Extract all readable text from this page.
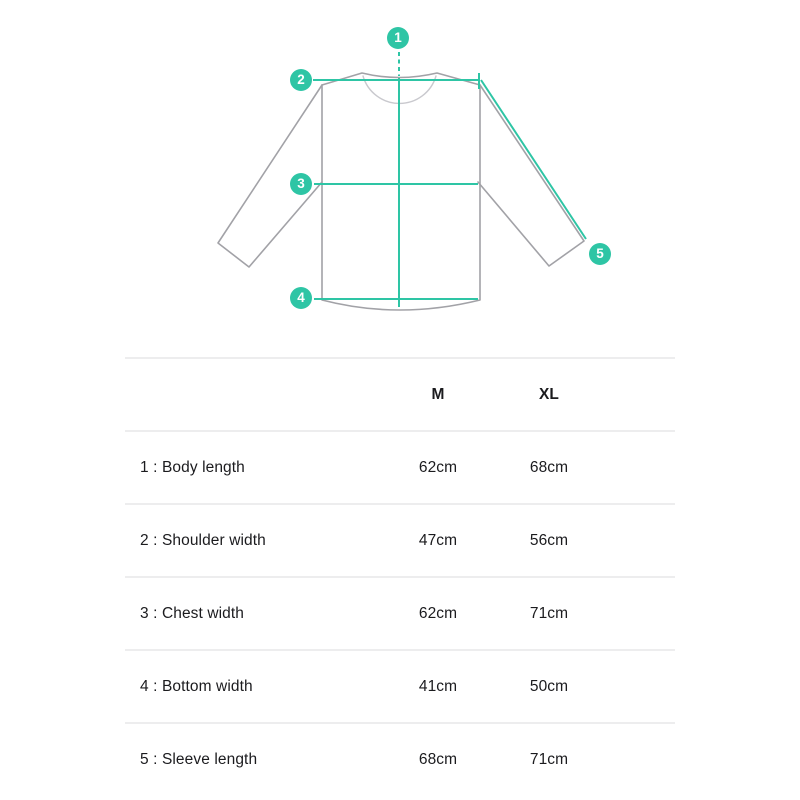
1
2
3
4
5
M	XL
1 : Body length	62cm	68cm
2 : Shoulder width	47cm	56cm
3 : Chest width	62cm	71cm
4 : Bottom width	41cm	50cm
5 : Sleeve length	68cm	71cm
